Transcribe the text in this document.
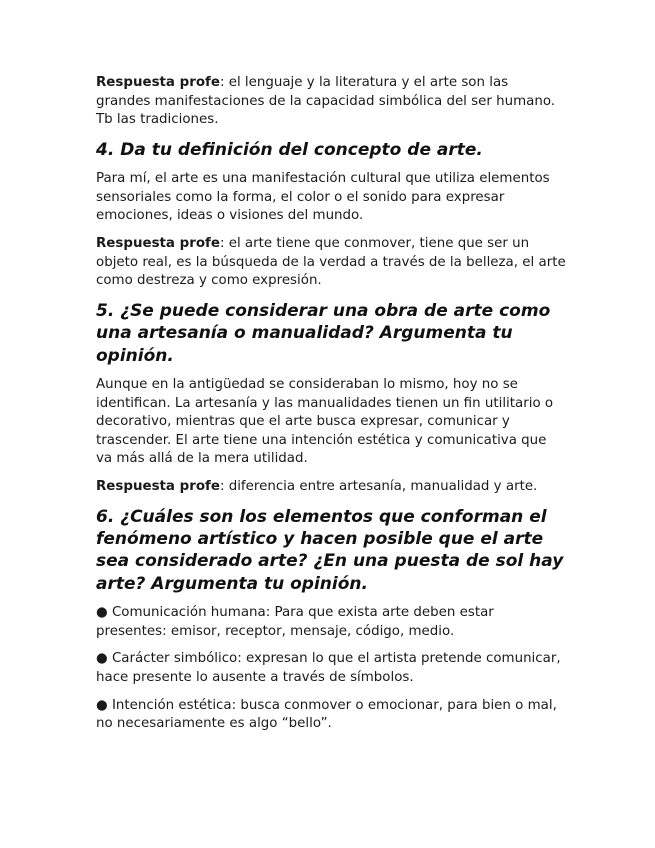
Respuesta profe: el lenguaje y la literatura y el arte son las grandes manifestaciones de la capacidad simbólica del ser humano. Tb las tradiciones.

4. Da tu definición del concepto de arte.

Para mí, el arte es una manifestación cultural que utiliza elementos sensoriales como la forma, el color o el sonido para expresar emociones, ideas o visiones del mundo.

Respuesta profe: el arte tiene que conmover, tiene que ser un objeto real, es la búsqueda de la verdad a través de la belleza, el arte como destreza y como expresión.

5. ¿Se puede considerar una obra de arte como una artesanía o manualidad? Argumenta tu opinión.

Aunque en la antigüedad se consideraban lo mismo, hoy no se identifican. La artesanía y las manualidades tienen un fin utilitario o decorativo, mientras que el arte busca expresar, comunicar y trascender. El arte tiene una intención estética y comunicativa que va más allá de la mera utilidad.

Respuesta profe: diferencia entre artesanía, manualidad y arte.

6. ¿Cuáles son los elementos que conforman el fenómeno artístico y hacen posible que el arte sea considerado arte? ¿En una puesta de sol hay arte? Argumenta tu opinión.

● Comunicación humana: Para que exista arte deben estar presentes: emisor, receptor, mensaje, código, medio.

● Carácter simbólico: expresan lo que el artista pretende comunicar, hace presente lo ausente a través de símbolos.

● Intención estética: busca conmover o emocionar, para bien o mal, no necesariamente es algo “bello”.
